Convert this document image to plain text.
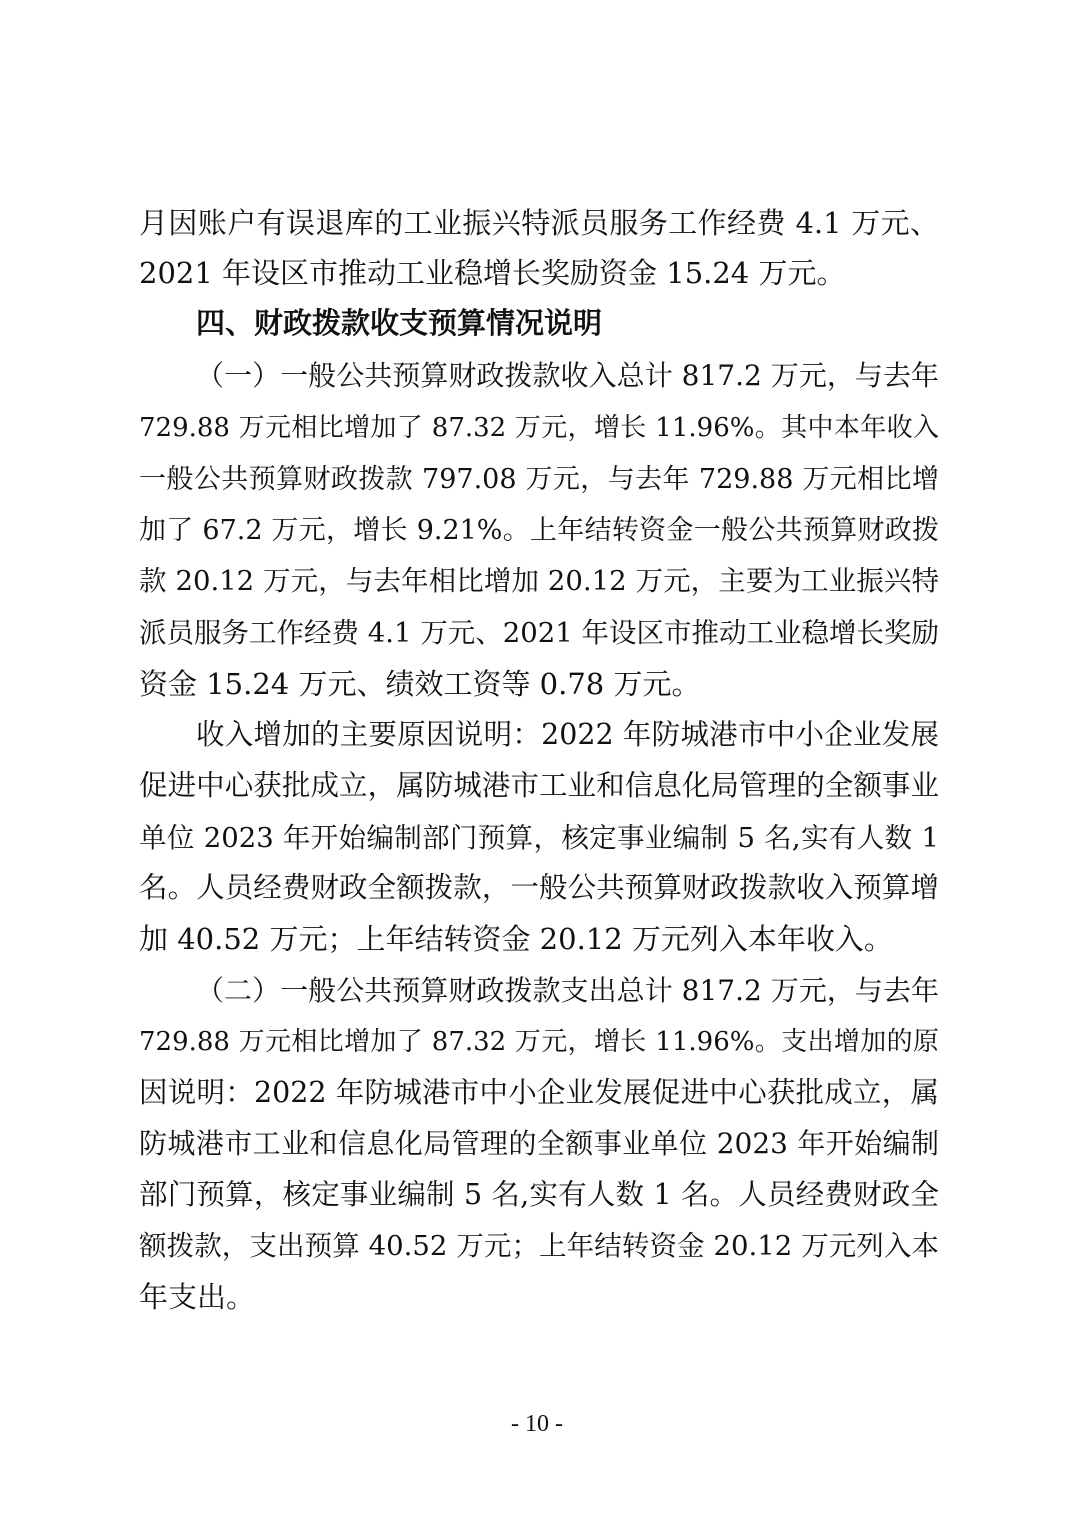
月因账户有误退库的工业振兴特派员服务工作经费 4.1 万元、
2021 年设区市推动工业稳增长奖励资金 15.24 万元。
四、财政拨款收支预算情况说明
（一）一般公共预算财政拨款收入总计 817.2 万元，与去年
729.88 万元相比增加了 87.32 万元，增长 11.96%。其中本年收入
一般公共预算财政拨款 797.08 万元，与去年 729.88 万元相比增
加了 67.2 万元，增长 9.21%。上年结转资金一般公共预算财政拨
款 20.12 万元，与去年相比增加 20.12 万元，主要为工业振兴特
派员服务工作经费 4.1 万元、2021 年设区市推动工业稳增长奖励
资金 15.24 万元、绩效工资等 0.78 万元。
收入增加的主要原因说明：2022 年防城港市中小企业发展
促进中心获批成立，属防城港市工业和信息化局管理的全额事业
单位 2023 年开始编制部门预算，核定事业编制 5 名,实有人数 1
名。人员经费财政全额拨款，一般公共预算财政拨款收入预算增
加 40.52 万元；上年结转资金 20.12 万元列入本年收入。
（二）一般公共预算财政拨款支出总计 817.2 万元，与去年
729.88 万元相比增加了 87.32 万元，增长 11.96%。支出增加的原
因说明：2022 年防城港市中小企业发展促进中心获批成立，属
防城港市工业和信息化局管理的全额事业单位 2023 年开始编制
部门预算，核定事业编制 5 名,实有人数 1 名。人员经费财政全
额拨款，支出预算 40.52 万元；上年结转资金 20.12 万元列入本
年支出。
- 10 -
